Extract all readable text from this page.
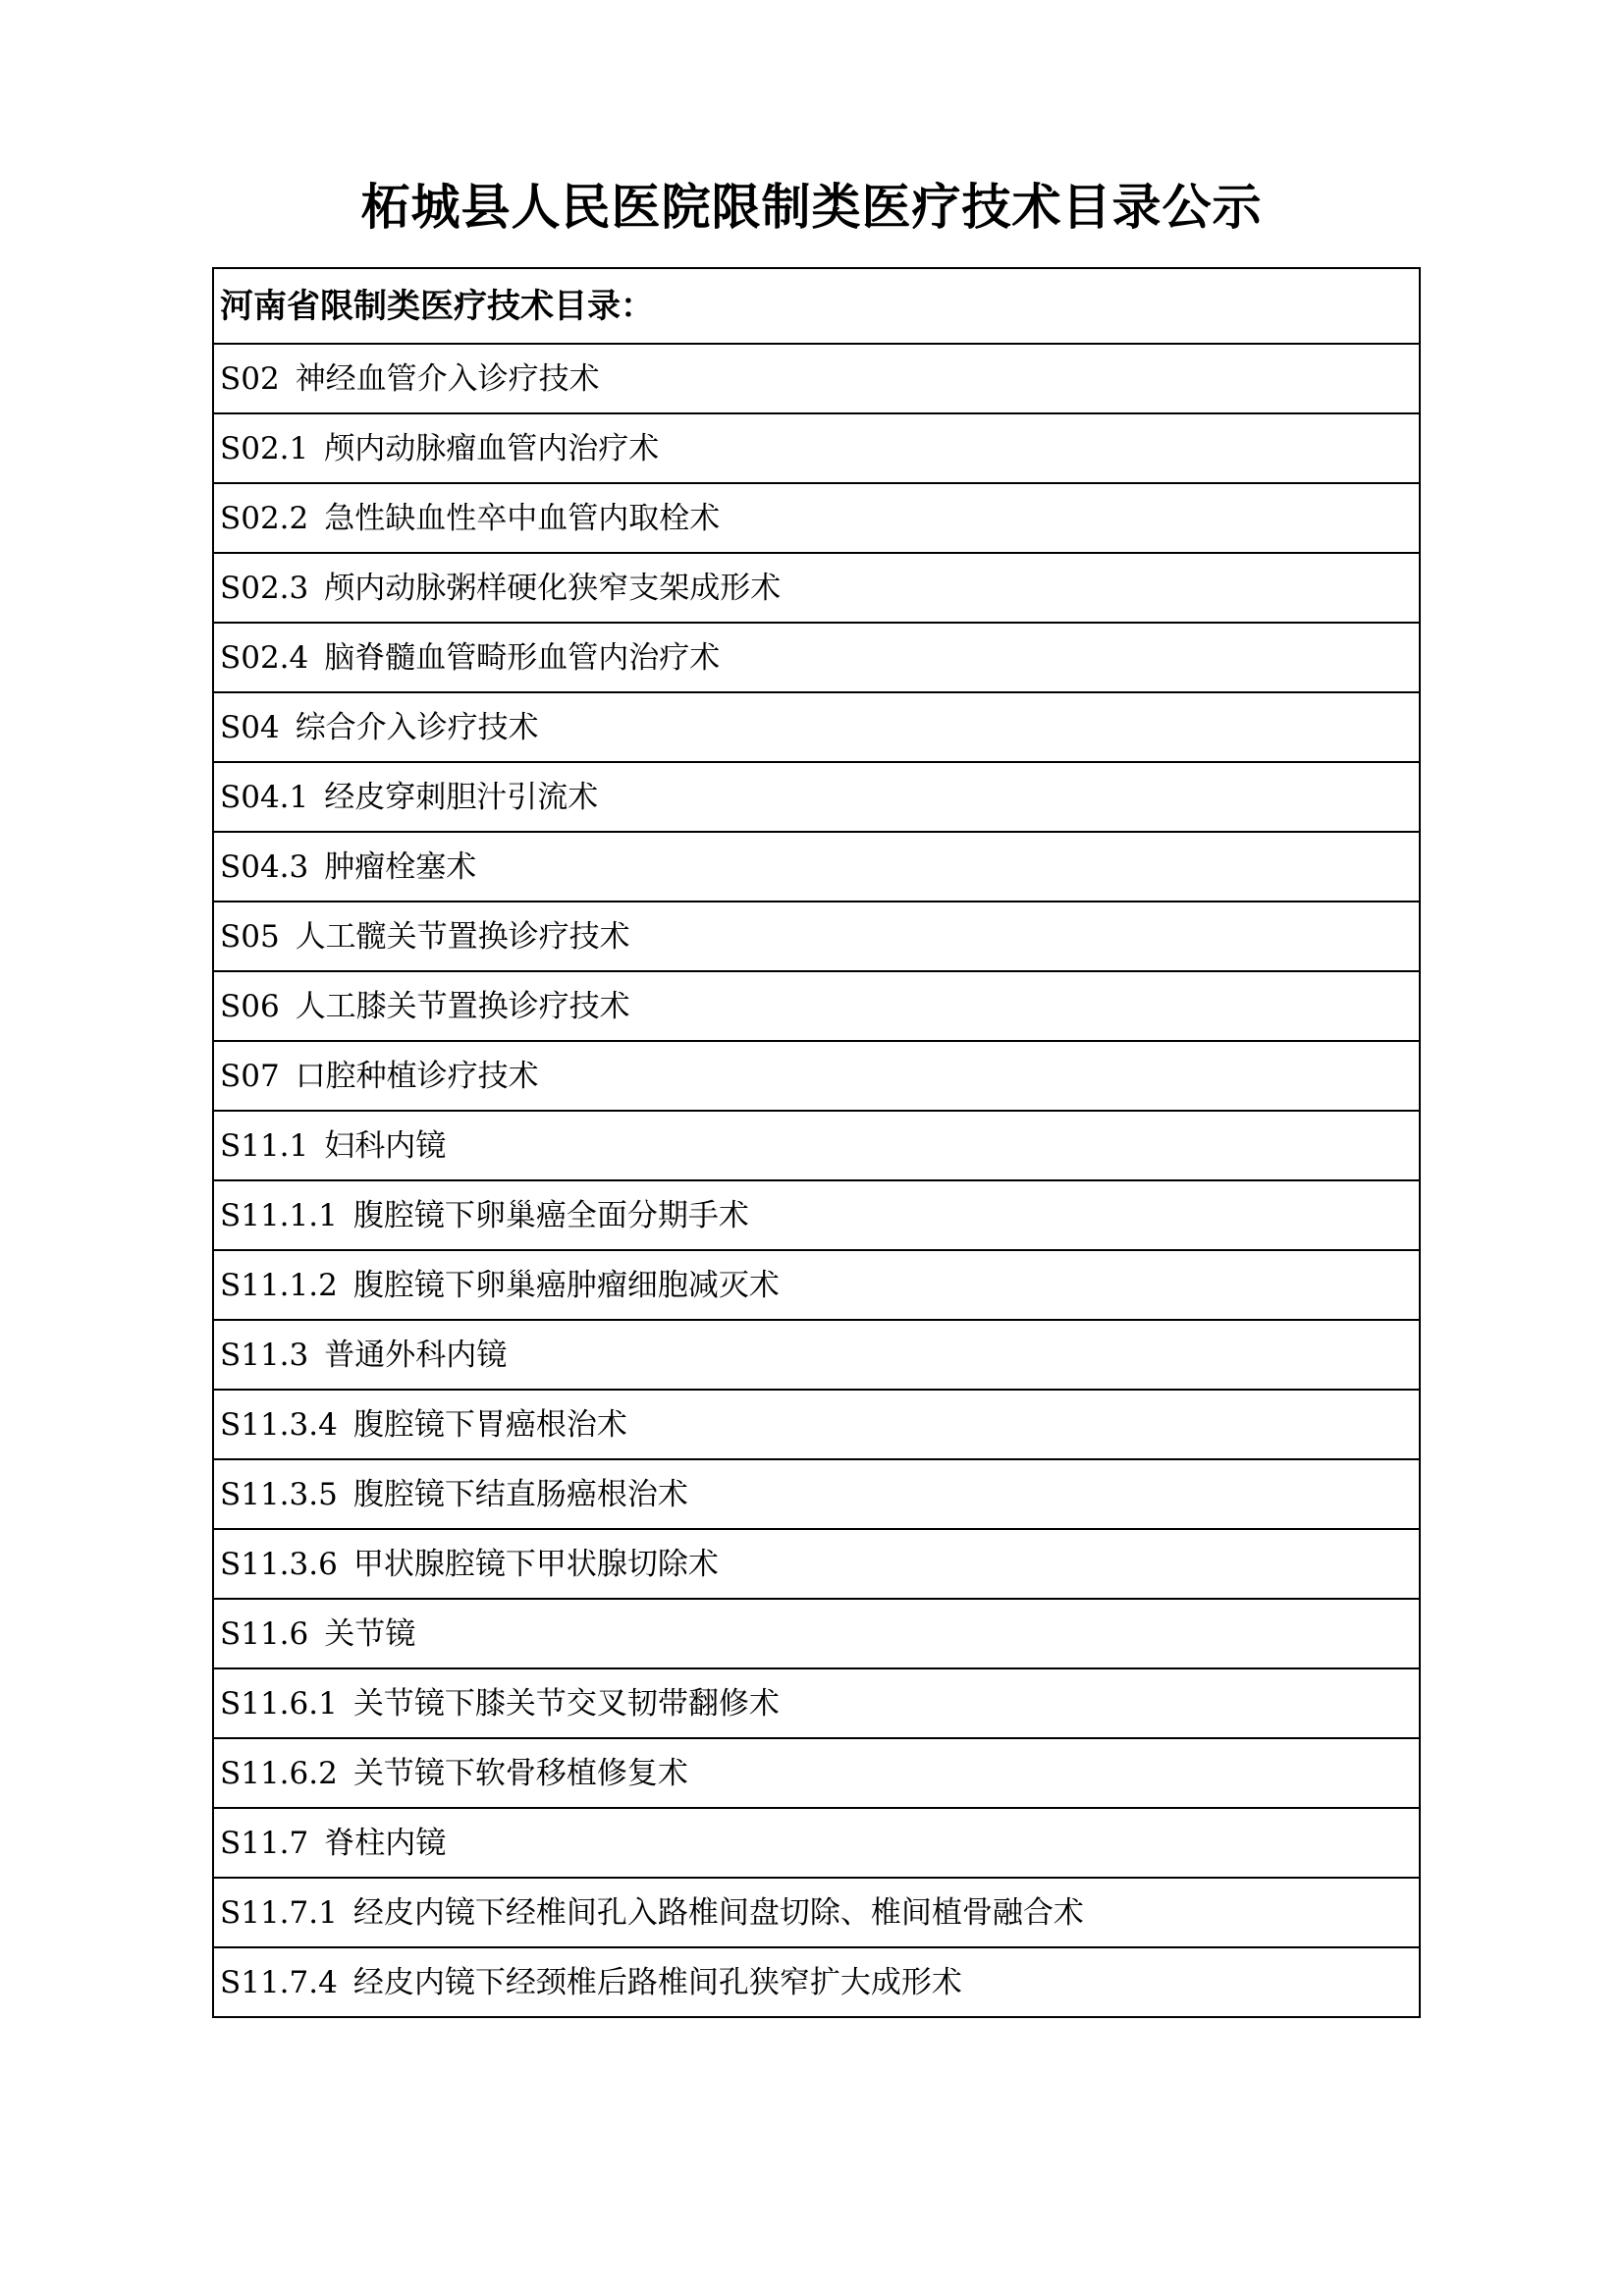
柘城县人民医院限制类医疗技术目录公示
河南省限制类医疗技术目录：
S02 神经血管介入诊疗技术
S02.1 颅内动脉瘤血管内治疗术
S02.2 急性缺血性卒中血管内取栓术
S02.3 颅内动脉粥样硬化狭窄支架成形术
S02.4 脑脊髓血管畸形血管内治疗术
S04 综合介入诊疗技术
S04.1 经皮穿刺胆汁引流术
S04.3 肿瘤栓塞术
S05 人工髋关节置换诊疗技术
S06 人工膝关节置换诊疗技术
S07 口腔种植诊疗技术
S11.1 妇科内镜
S11.1.1 腹腔镜下卵巢癌全面分期手术
S11.1.2 腹腔镜下卵巢癌肿瘤细胞减灭术
S11.3 普通外科内镜
S11.3.4 腹腔镜下胃癌根治术
S11.3.5 腹腔镜下结直肠癌根治术
S11.3.6 甲状腺腔镜下甲状腺切除术
S11.6 关节镜
S11.6.1 关节镜下膝关节交叉韧带翻修术
S11.6.2 关节镜下软骨移植修复术
S11.7 脊柱内镜
S11.7.1 经皮内镜下经椎间孔入路椎间盘切除、椎间植骨融合术
S11.7.4 经皮内镜下经颈椎后路椎间孔狭窄扩大成形术
